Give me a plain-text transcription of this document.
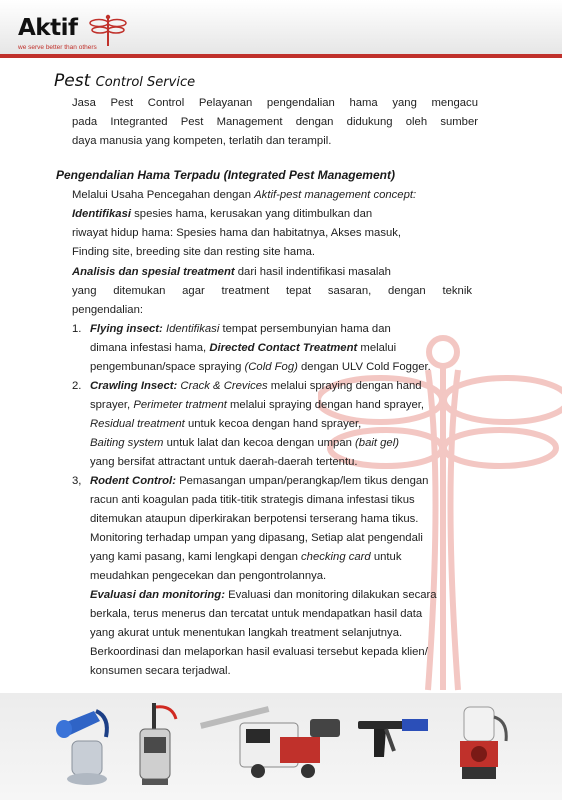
Aktif
we serve better than others
Pest Control Service
Jasa Pest Control Pelayanan pengendalian hama yang mengacu
pada Integranted Pest Management dengan didukung oleh sumber
daya manusia yang kompeten, terlatih dan terampil.
Pengendalian Hama Terpadu (Integrated Pest Management)
Melalui Usaha Pencegahan dengan Aktif-pest management concept:
Identifikasi spesies hama, kerusakan yang ditimbulkan dan
riwayat hidup hama: Spesies hama dan habitatnya, Akses masuk,
Finding site, breeding site dan resting site hama.
Analisis dan spesial treatment dari hasil indentifikasi masalah
yang ditemukan agar treatment tepat sasaran, dengan teknik
pengendalian:
1. Flying insect: Identifikasi tempat persembunyian hama dan
dimana infestasi hama, Directed Contact Treatment melalui
pengembunan/space spraying (Cold Fog) dengan ULV Cold Fogger.
2. Crawling Insect: Crack & Crevices melalui spraying dengan hand
sprayer, Perimeter tratment melalui spraying dengan hand sprayer,
Residual treatment untuk kecoa dengan hand sprayer,
Baiting system untuk lalat dan kecoa dengan umpan (bait gel)
yang bersifat attractant untuk daerah-daerah tertentu.
3, Rodent Control: Pemasangan umpan/perangkap/lem tikus dengan
racun anti koagulan pada titik-titik strategis dimana infestasi tikus
ditemukan ataupun diperkirakan berpotensi terserang hama tikus.
Monitoring terhadap umpan yang dipasang, Setiap alat pengendali
yang kami pasang, kami lengkapi dengan checking card untuk
meudahkan pengecekan dan pengontrolannya.
Evaluasi dan monitoring: Evaluasi dan monitoring dilakukan secara
berkala, terus menerus dan tercatat untuk mendapatkan hasil data
yang akurat untuk menentukan langkah treatment selanjutnya.
Berkoordinasi dan melaporkan hasil evaluasi tersebut kepada klien/
konsumen secara terjadwal.
